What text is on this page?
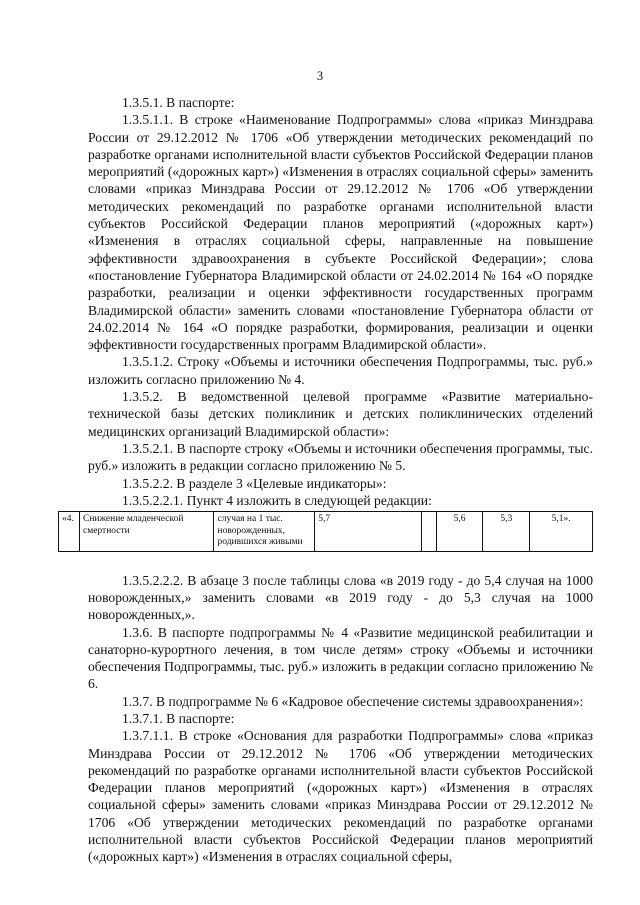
3

1.3.5.1. В паспорте:

1.3.5.1.1. В строке «Наименование Подпрограммы» слова «приказ Минздрава России от 29.12.2012 № 1706 «Об утверждении методических рекомендаций по разработке органами исполнительной власти субъектов Российской Федерации планов мероприятий («дорожных карт») «Изменения в отраслях социальной сферы» заменить словами «приказ Минздрава России от 29.12.2012 № 1706 «Об утверждении методических рекомендаций по разработке органами исполнительной власти субъектов Российской Федерации планов мероприятий («дорожных карт») «Изменения в отраслях социальной сферы, направленные на повышение эффективности здравоохранения в субъекте Российской Федерации»; слова «постановление Губернатора Владимирской области от 24.02.2014 № 164 «О порядке разработки, реализации и оценки эффективности государственных программ Владимирской области» заменить словами «постановление Губернатора области от 24.02.2014 № 164 «О порядке разработки, формирования, реализации и оценки эффективности государственных программ Владимирской области».

1.3.5.1.2. Строку «Объемы и источники обеспечения Подпрограммы, тыс. руб.» изложить согласно приложению № 4.

1.3.5.2. В ведомственной целевой программе «Развитие материально-технической базы детских поликлиник и детских поликлинических отделений медицинских организаций Владимирской области»:

1.3.5.2.1. В паспорте строку «Объемы и источники обеспечения программы, тыс. руб.» изложить в редакции согласно приложению № 5.

1.3.5.2.2. В разделе 3 «Целевые индикаторы»:

1.3.5.2.2.1. Пункт 4 изложить в следующей редакции:

«4.	Снижение младенческой смертности	случая на 1 тыс. новорожденных, родившихся живыми	5,7		5,6	5,3	5,1».

1.3.5.2.2.2. В абзаце 3 после таблицы слова «в 2019 году - до 5,4 случая на 1000 новорожденных,» заменить словами «в 2019 году - до 5,3 случая на 1000 новорожденных,».

1.3.6. В паспорте подпрограммы № 4 «Развитие медицинской реабилитации и санаторно-курортного лечения, в том числе детям» строку «Объемы и источники обеспечения Подпрограммы, тыс. руб.» изложить в редакции согласно приложению № 6.

1.3.7. В подпрограмме № 6 «Кадровое обеспечение системы здравоохранения»:

1.3.7.1. В паспорте:

1.3.7.1.1. В строке «Основания для разработки Подпрограммы» слова «приказ Минздрава России от 29.12.2012 № 1706 «Об утверждении методических рекомендаций по разработке органами исполнительной власти субъектов Российской Федерации планов мероприятий («дорожных карт») «Изменения в отраслях социальной сферы» заменить словами «приказ Минздрава России от 29.12.2012 № 1706 «Об утверждении методических рекомендаций по разработке органами исполнительной власти субъектов Российской Федерации планов мероприятий («дорожных карт») «Изменения в отраслях социальной сферы,
